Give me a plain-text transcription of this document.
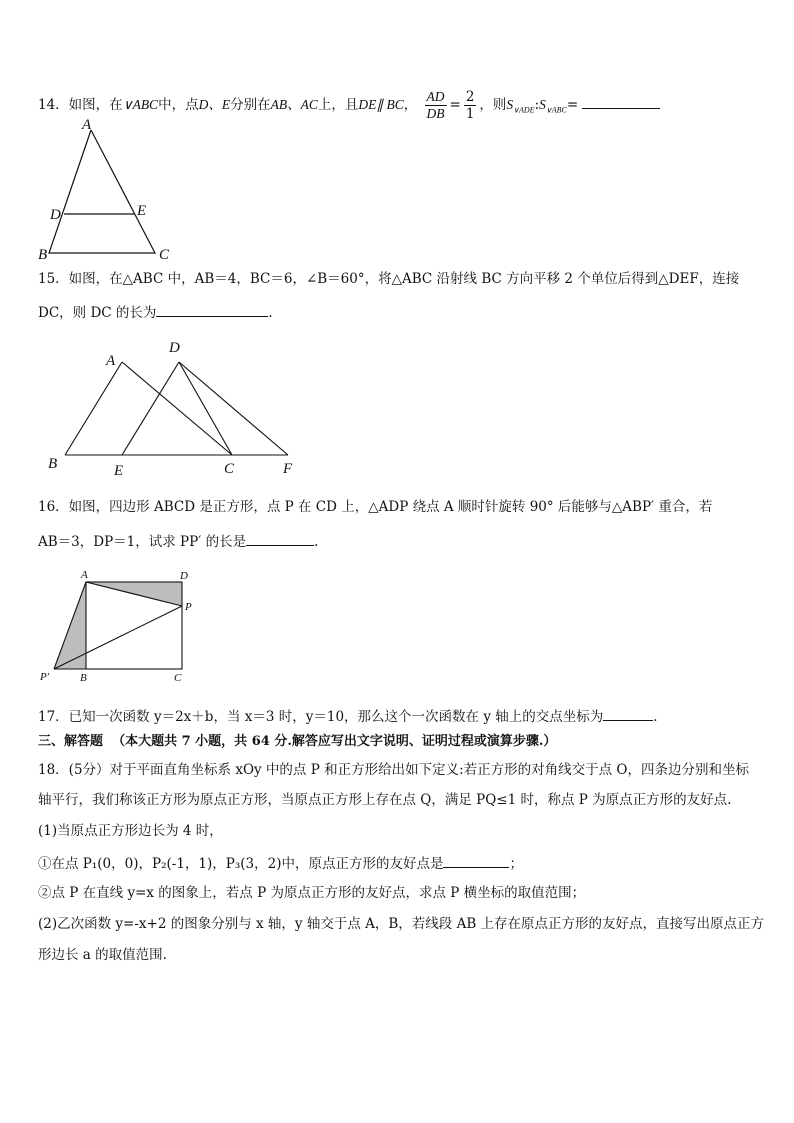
14．如图，在∨ABC中，点D、E分别在AB、AC上，且DE∥ BC， $\frac{AD}{DB} = \frac{2}{1}$ ，则$S_{\vee ADE}:S_{\vee ABC}=$
A
D	E
B	C
15．如图，在△ABC 中，AB＝4，BC＝6，∠B＝60°，将△ABC 沿射线 BC 方向平移 2 个单位后得到△DEF，连接
DC，则 DC 的长为	.
A
D
B	E	C	F
16．如图，四边形 ABCD 是正方形，点 P 在 CD 上，△ADP 绕点 A 顺时针旋转 90° 后能够与△ABP′ 重合，若
AB＝3，DP＝1，试求 PP′ 的长是	.
A	D
P
P′	B	C
17．已知一次函数 y＝2x＋b，当 x＝3 时，y＝10，那么这个一次函数在 y 轴上的交点坐标为	.
三、解答题 （本大题共 7 小题，共 64 分.解答应写出文字说明、证明过程或演算步骤.）
18．(5分）对于平面直角坐标系 xOy 中的点 P 和正方形给出如下定义:若正方形的对角线交于点 O，四条边分别和坐标
轴平行，我们称该正方形为原点正方形，当原点正方形上存在点 Q，满足 PQ≤1 时，称点 P 为原点正方形的友好点.
(1)当原点正方形边长为 4 时，
①在点 P₁(0，0)，P₂(-1，1)，P₃(3，2)中，原点正方形的友好点是	；
②点 P 在直线 y=x 的图象上，若点 P 为原点正方形的友好点，求点 P 横坐标的取值范围；
(2)乙次函数 y=-x+2 的图象分别与 x 轴，y 轴交于点 A，B，若线段 AB 上存在原点正方形的友好点，直接写出原点正方
形边长 a 的取值范围.
